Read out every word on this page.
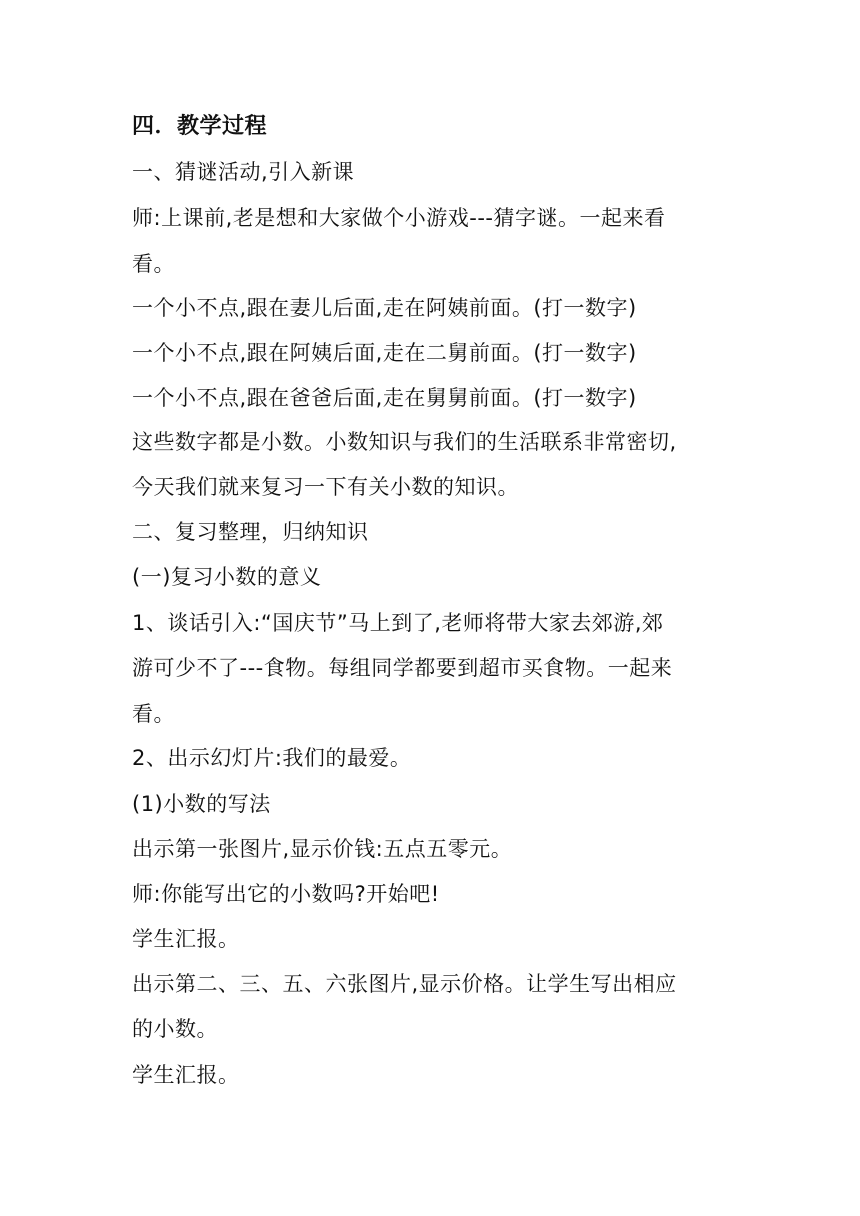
四．教学过程
一、猜谜活动,引入新课
师:上课前,老是想和大家做个小游戏---猜字谜。一起来看
看。
一个小不点,跟在妻儿后面,走在阿姨前面。(打一数字)
一个小不点,跟在阿姨后面,走在二舅前面。(打一数字)
一个小不点,跟在爸爸后面,走在舅舅前面。(打一数字)
这些数字都是小数。小数知识与我们的生活联系非常密切,
今天我们就来复习一下有关小数的知识。
二、复习整理，归纳知识
(一)复习小数的意义
1、谈话引入:“国庆节”马上到了,老师将带大家去郊游,郊
游可少不了---食物。每组同学都要到超市买食物。一起来
看。
2、出示幻灯片:我们的最爱。
(1)小数的写法
出示第一张图片,显示价钱:五点五零元。
师:你能写出它的小数吗?开始吧!
学生汇报。
出示第二、三、五、六张图片,显示价格。让学生写出相应
的小数。
学生汇报。
